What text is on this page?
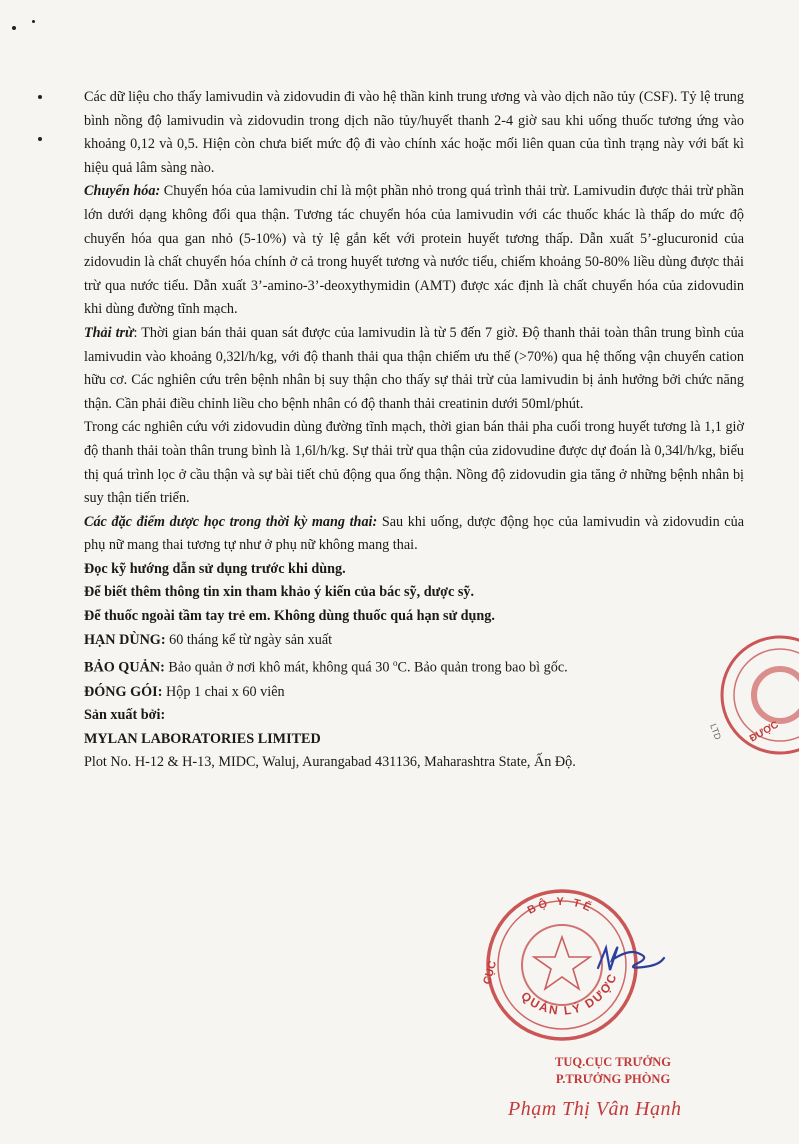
Các dữ liệu cho thấy lamivudin và zidovudin đi vào hệ thần kinh trung ương và vào dịch não tủy (CSF). Tỷ lệ trung bình nồng độ lamivudin và zidovudin trong dịch não tủy/huyết thanh 2-4 giờ sau khi uống thuốc tương ứng vào khoảng 0,12 và 0,5. Hiện còn chưa biết mức độ đi vào chính xác hoặc mối liên quan của tình trạng này với bất kì hiệu quả lâm sàng nào.

Chuyển hóa: Chuyển hóa của lamivudin chỉ là một phần nhỏ trong quá trình thải trừ. Lamivudin được thải trừ phần lớn dưới dạng không đổi qua thận. Tương tác chuyển hóa của lamivudin với các thuốc khác là thấp do mức độ chuyển hóa qua gan nhỏ (5-10%) và tỷ lệ gắn kết với protein huyết tương thấp. Dẫn xuất 5’-glucuronid của zidovudin là chất chuyển hóa chính ở cả trong huyết tương và nước tiểu, chiếm khoảng 50-80% liều dùng được thải trừ qua nước tiểu. Dẫn xuất 3’-amino-3’-deoxythymidin (AMT) được xác định là chất chuyển hóa của zidovudin khi dùng đường tĩnh mạch.

Thải trừ: Thời gian bán thải quan sát được của lamivudin là từ 5 đến 7 giờ. Độ thanh thải toàn thân trung bình của lamivudin vào khoảng 0,32l/h/kg, với độ thanh thải qua thận chiếm ưu thế (>70%) qua hệ thống vận chuyển cation hữu cơ. Các nghiên cứu trên bệnh nhân bị suy thận cho thấy sự thải trừ của lamivudin bị ảnh hưởng bởi chức năng thận. Cần phải điều chỉnh liều cho bệnh nhân có độ thanh thải creatinin dưới 50ml/phút.

Trong các nghiên cứu với zidovudin dùng đường tĩnh mạch, thời gian bán thải pha cuối trong huyết tương là 1,1 giờ độ thanh thải toàn thân trung bình là 1,6l/h/kg. Sự thải trừ qua thận của zidovudine được dự đoán là 0,34l/h/kg, biểu thị quá trình lọc ở cầu thận và sự bài tiết chủ động qua ống thận. Nồng độ zidovudin gia tăng ở những bệnh nhân bị suy thận tiến triển.

Các đặc điểm dược học trong thời kỳ mang thai: Sau khi uống, dược động học của lamivudin và zidovudin của phụ nữ mang thai tương tự như ở phụ nữ không mang thai.

Đọc kỹ hướng dẫn sử dụng trước khi dùng.

Để biết thêm thông tin xin tham khảo ý kiến của bác sỹ, dược sỹ.

Để thuốc ngoài tầm tay trẻ em. Không dùng thuốc quá hạn sử dụng.

HẠN DÙNG: 60 tháng kể từ ngày sản xuất

BẢO QUẢN: Bảo quản ở nơi khô mát, không quá 30 $^o$C. Bảo quản trong bao bì gốc.

ĐÓNG GÓI: Hộp 1 chai x 60 viên

Sản xuất bởi:

MYLAN LABORATORIES LIMITED

Plot No. H-12 & H-13, MIDC, Waluj, Aurangabad 431136, Maharashtra State, Ấn Độ.

ĐƯỢC
LTD
BỘ Y TẾ
CỤC
QUẢN LÝ DƯỢC
TUQ.CỤC TRƯỞNG
P.TRƯỞNG PHÒNG
Phạm Thị Vân Hạnh
